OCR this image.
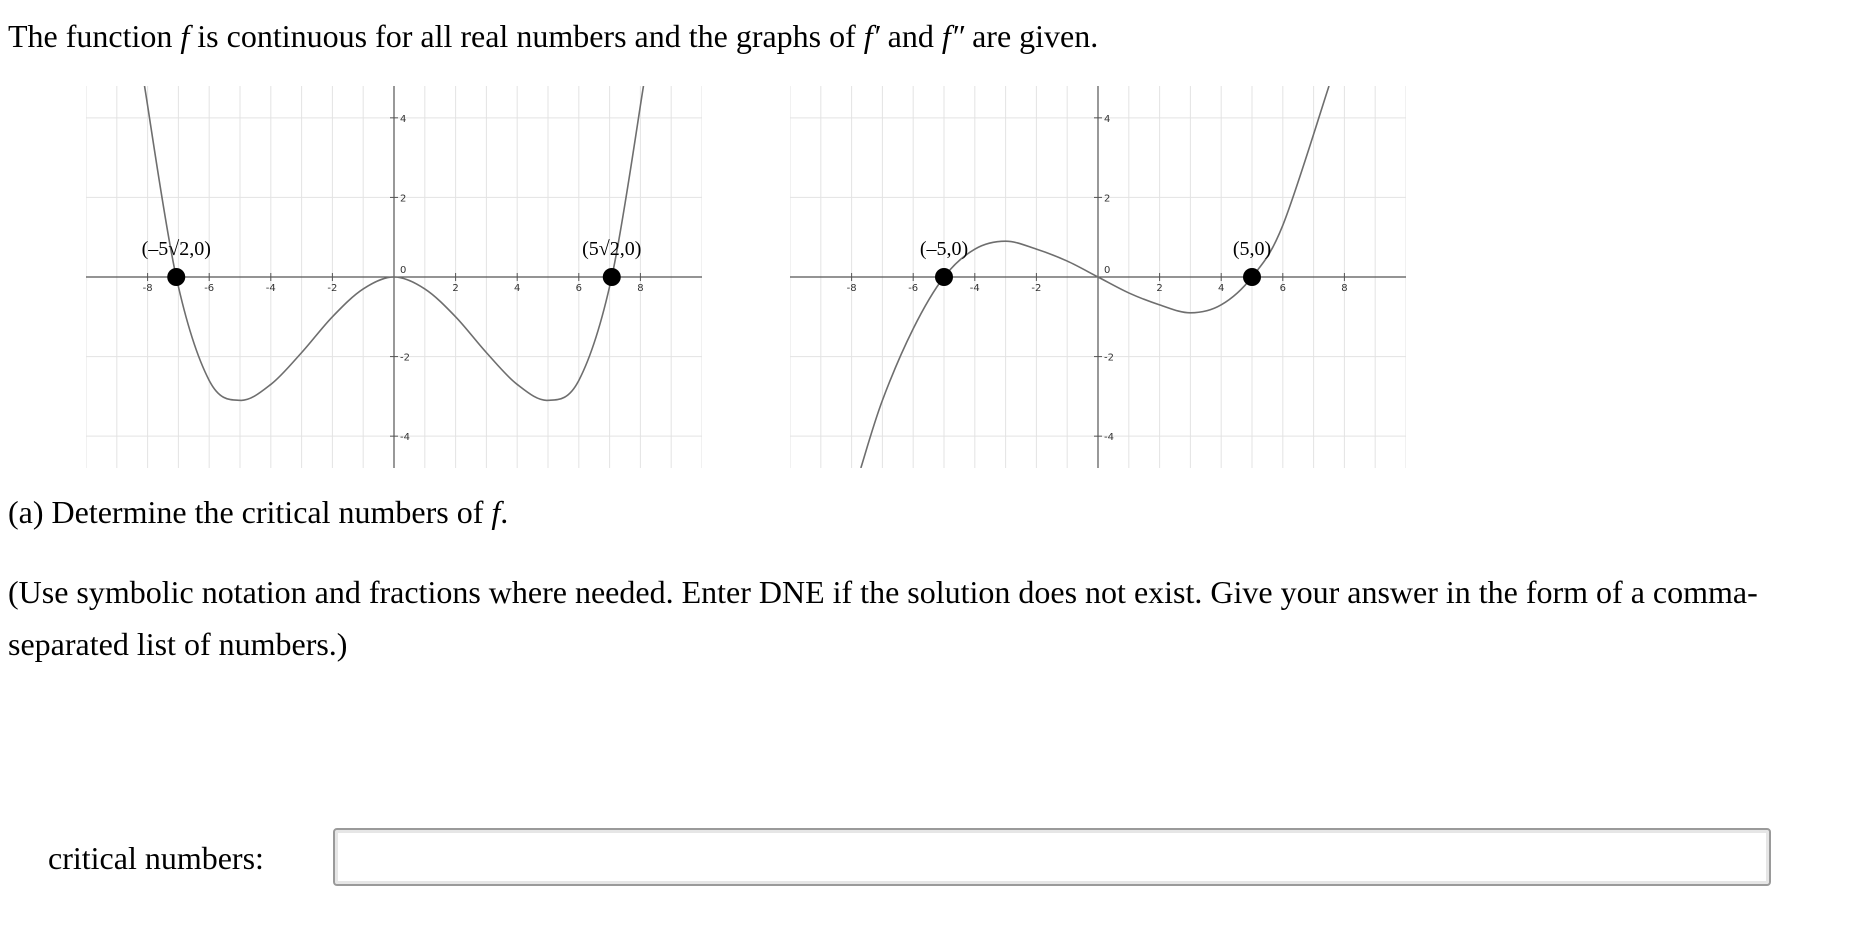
The function f is continuous for all real numbers and the graphs of f′ and f″ are given.

-8	-6	-4	-2	2	4	6	8
-4
-2
2
4
0
(–5√2,0)	(5√2,0)
-8	-6	-4	-2	2	4	6	8
-4
-2
2
4
0
(–5,0)	(5,0)

(a) Determine the critical numbers of f.

(Use symbolic notation and fractions where needed. Enter DNE if the solution does not exist. Give your answer in the form of a comma-separated list of numbers.)

critical numbers:
